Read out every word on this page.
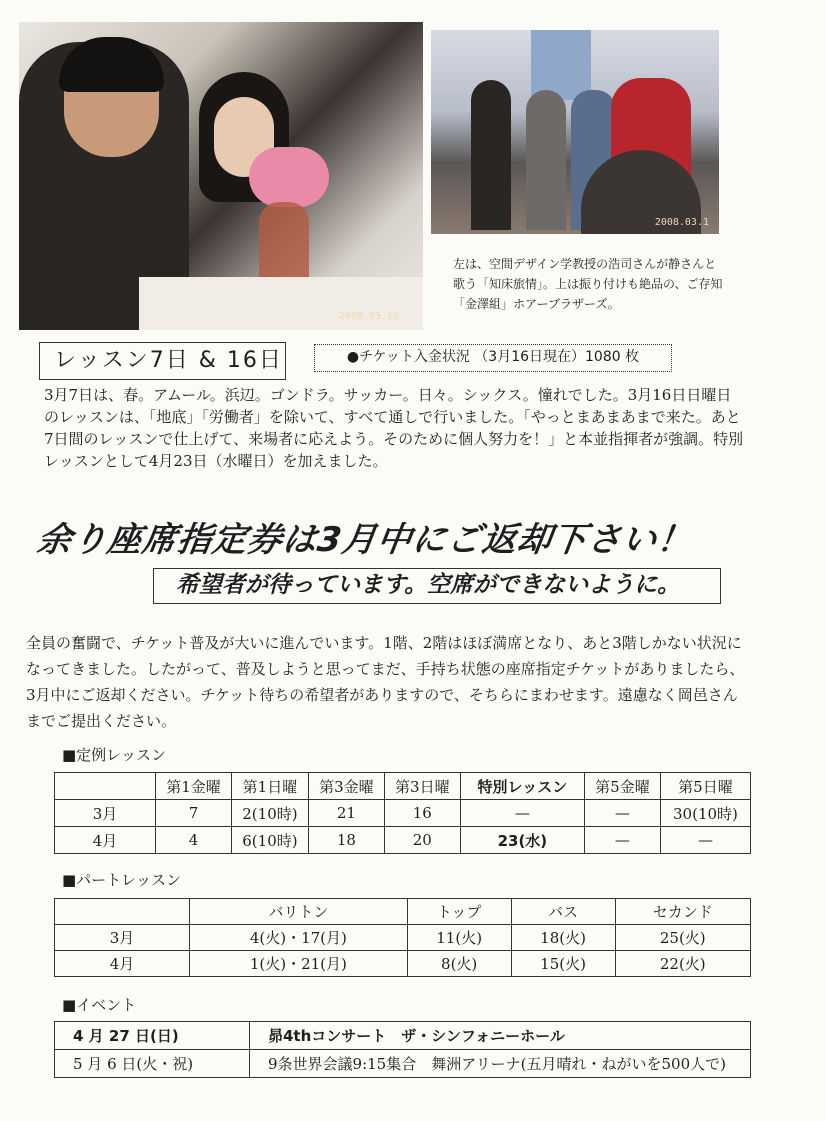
2008.03.16
2008.03.1
左は、空間デザイン学教授の浩司さんが静さんと歌う「知床旅情」。上は振り付けも絶品の、ご存知「金澤組」ホアーブラザーズ。
レッスン7日 & 16日	●チケット入金状況 （3月16日現在）1080 枚
3月7日は、春。アムール。浜辺。ゴンドラ。サッカー。日々。シックス。憧れでした。3月16日日曜日のレッスンは、「地底」「労働者」を除いて、すべて通しで行いました。「やっとまあまあまで来た。あと7日間のレッスンで仕上げて、来場者に応えよう。そのために個人努力を！」と本並指揮者が強調。特別レッスンとして4月23日（水曜日）を加えました。
余り座席指定券は3月中にご返却下さい！
希望者が待っています。空席ができないように。
全員の奮闘で、チケット普及が大いに進んでいます。1階、2階はほぼ満席となり、あと3階しかない状況になってきました。したがって、普及しようと思ってまだ、手持ち状態の座席指定チケットがありましたら、3月中にご返却ください。チケット待ちの希望者がありますので、そちらにまわせます。遠慮なく岡邑さんまでご提出ください。
■定例レッスン
	第1金曜	第1日曜	第3金曜	第3日曜	特別レッスン	第5金曜	第5日曜
3月	7	2(10時)	21	16	—	—	30(10時)
4月	4	6(10時)	18	20	23(水)	—	—
■パートレッスン
	バリトン	トップ	バス	セカンド
3月	4(火)・17(月)	11(火)	18(火)	25(火)
4月	1(火)・21(月)	8(火)	15(火)	22(火)
■イベント
4 月 27 日(日)	昴4thコンサート　ザ・シンフォニーホール
5 月 6 日(火・祝)	9条世界会議9:15集合　舞洲アリーナ(五月晴れ・ねがいを500人で)
